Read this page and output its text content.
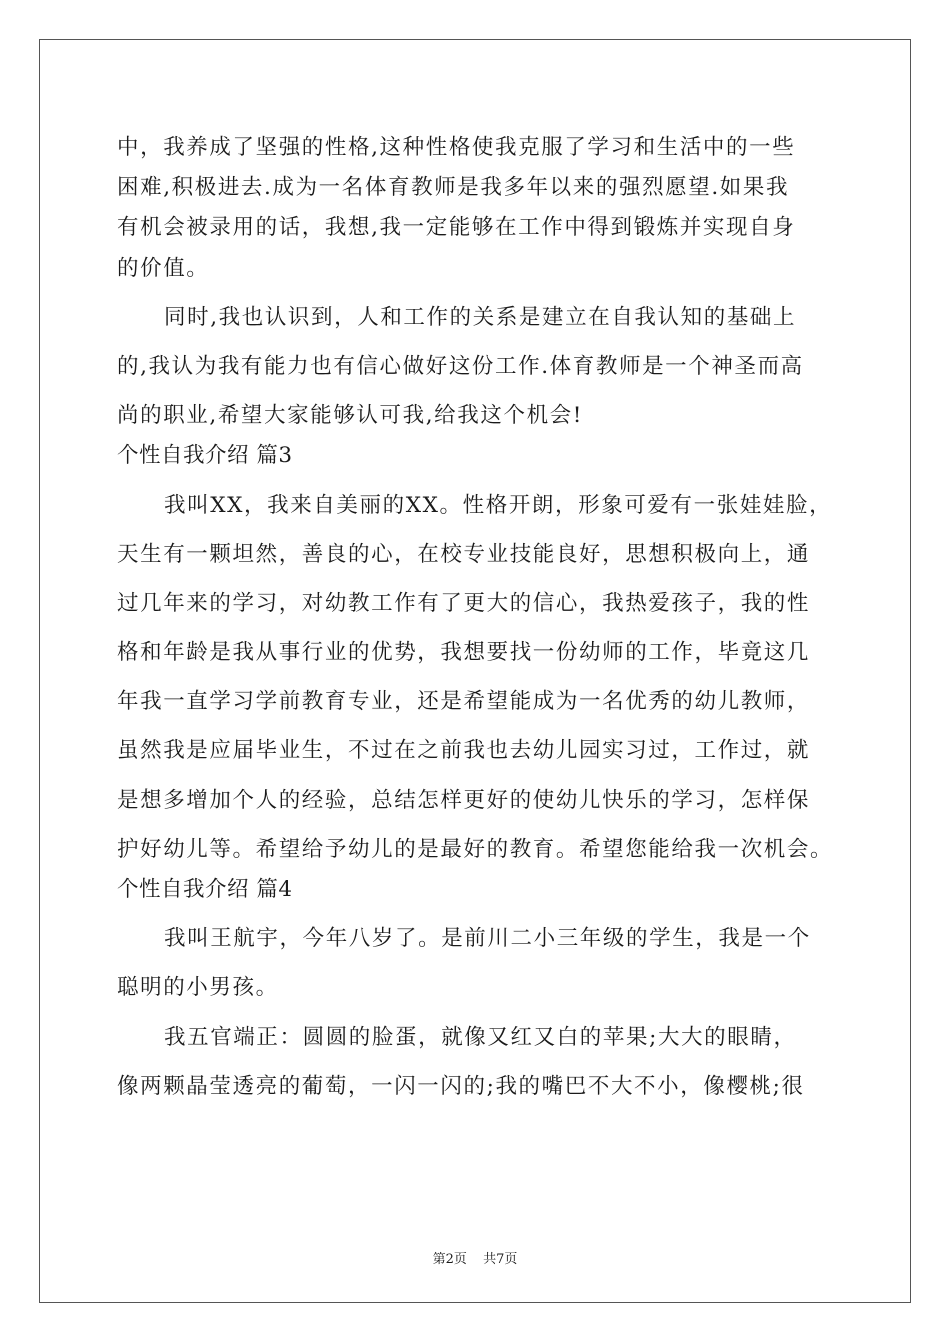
中，我养成了坚强的性格,这种性格使我克服了学习和生活中的一些
困难,积极进去.成为一名体育教师是我多年以来的强烈愿望.如果我
有机会被录用的话，我想,我一定能够在工作中得到锻炼并实现自身
的价值。
同时,我也认识到，人和工作的关系是建立在自我认知的基础上
的,我认为我有能力也有信心做好这份工作.体育教师是一个神圣而高
尚的职业,希望大家能够认可我,给我这个机会!
个性自我介绍 篇3
我叫XX，我来自美丽的XX。性格开朗，形象可爱有一张娃娃脸，
天生有一颗坦然，善良的心，在校专业技能良好，思想积极向上，通
过几年来的学习，对幼教工作有了更大的信心，我热爱孩子，我的性
格和年龄是我从事行业的优势，我想要找一份幼师的工作，毕竟这几
年我一直学习学前教育专业，还是希望能成为一名优秀的幼儿教师，
虽然我是应届毕业生，不过在之前我也去幼儿园实习过，工作过，就
是想多增加个人的经验，总结怎样更好的使幼儿快乐的学习，怎样保
护好幼儿等。希望给予幼儿的是最好的教育。希望您能给我一次机会。
个性自我介绍 篇4
我叫王航宇，今年八岁了。是前川二小三年级的学生，我是一个
聪明的小男孩。
我五官端正：圆圆的脸蛋，就像又红又白的苹果;大大的眼睛，
像两颗晶莹透亮的葡萄，一闪一闪的;我的嘴巴不大不小，像樱桃;很
第2页 共7页
